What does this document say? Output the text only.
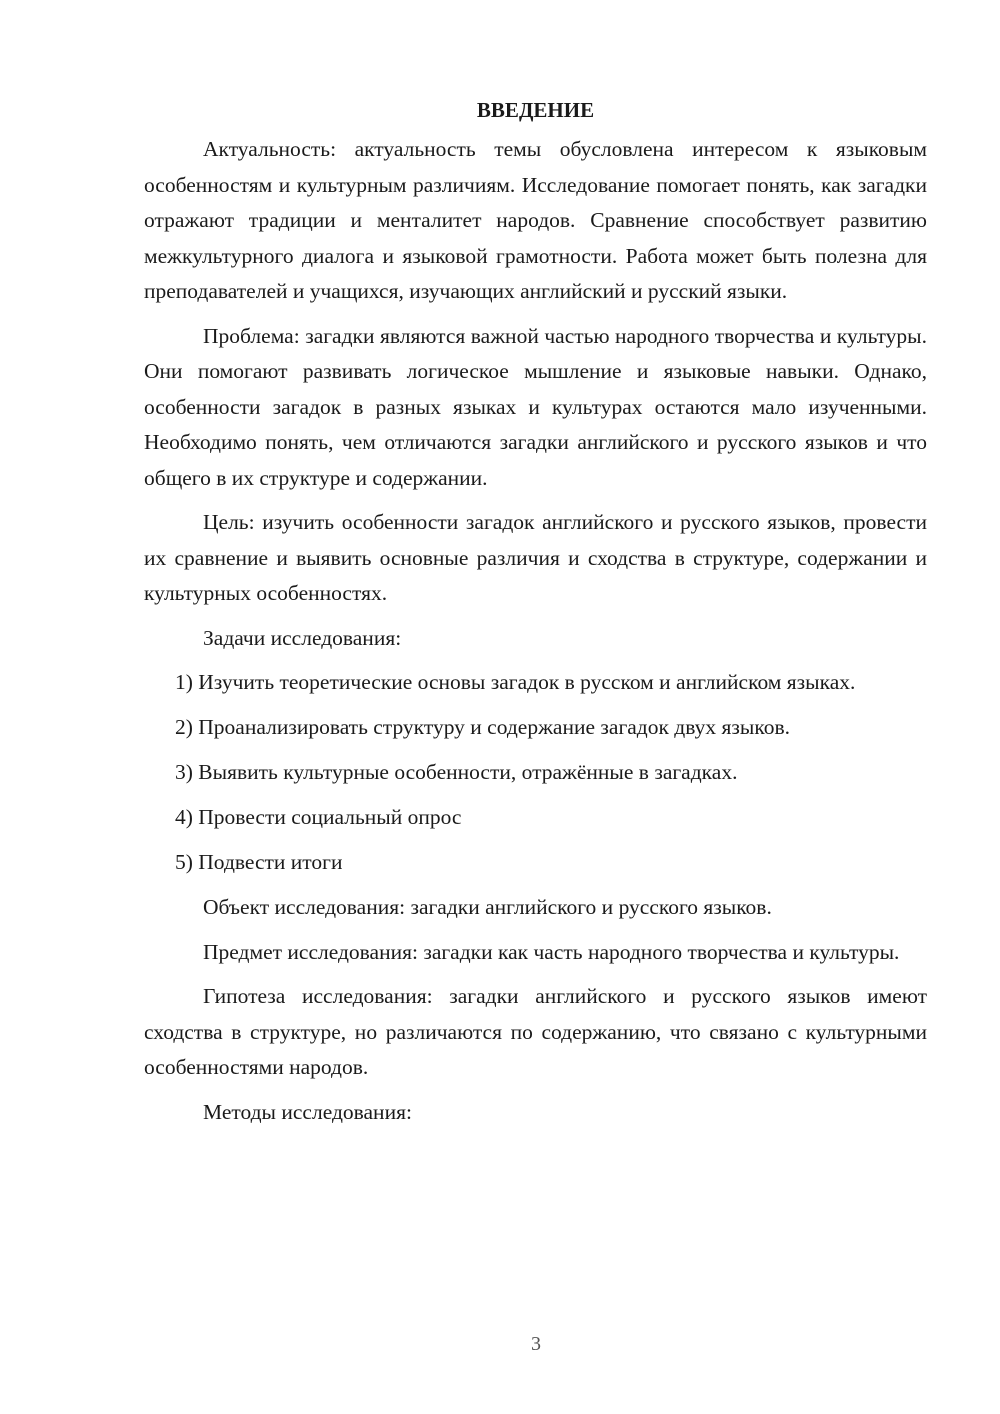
ВВЕДЕНИЕ

Актуальность: актуальность темы обусловлена интересом к языковым особенностям и культурным различиям. Исследование помогает понять, как загадки отражают традиции и менталитет народов. Сравнение способствует развитию межкультурного диалога и языковой грамотности. Работа может быть полезна для преподавателей и учащихся, изучающих английский и русский языки.

Проблема: загадки являются важной частью народного творчества и культуры. Они помогают развивать логическое мышление и языковые навыки. Однако, особенности загадок в разных языках и культурах остаются мало изученными. Необходимо понять, чем отличаются загадки английского и русского языков и что общего в их структуре и содержании.

Цель: изучить особенности загадок английского и русского языков, провести их сравнение и выявить основные различия и сходства в структуре, содержании и культурных особенностях.

Задачи исследования:

1) Изучить теоретические основы загадок в русском и английском языках.

2) Проанализировать структуру и содержание загадок двух языков.

3) Выявить культурные особенности, отражённые в загадках.

4) Провести социальный опрос

5) Подвести итоги

Объект исследования: загадки английского и русского языков.

Предмет исследования: загадки как часть народного творчества и культуры.

Гипотеза исследования: загадки английского и русского языков имеют сходства в структуре, но различаются по содержанию, что связано с культурными особенностями народов.

Методы исследования:

3
